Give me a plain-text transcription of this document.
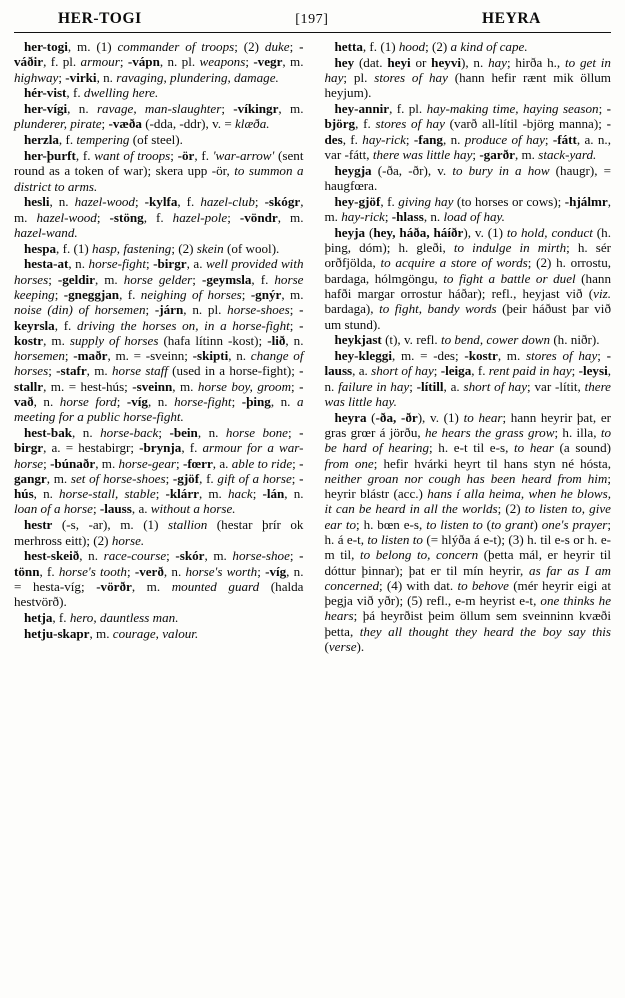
HER-TOGI	[197]	HEYRA

her-togi, m. (1) commander of troops; (2) duke; -váðir, f. pl. armour; -vápn, n. pl. weapons; -vegr, m. highway; -virki, n. ravaging, plundering, damage.

hér-vist, f. dwelling here.

her-vígi, n. ravage, man-slaughter; -víkingr, m. plunderer, pirate; -væða (-dda, -ddr), v. = klæða.

herzla, f. tempering (of steel).

her-þurft, f. want of troops; -ör, f. 'war-arrow' (sent round as a token of war); skera upp -ör, to summon a district to arms.

hesli, n. hazel-wood; -kylfa, f. hazel-club; -skógr, m. hazel-wood; -stöng, f. hazel-pole; -vöndr, m. hazel-wand.

hespa, f. (1) hasp, fastening; (2) skein (of wool).

hesta-at, n. horse-fight; -birgr, a. well provided with horses; -geldir, m. horse gelder; -geymsla, f. horse keeping; -gneggjan, f. neighing of horses; -gnýr, m. noise (din) of horsemen; -járn, n. pl. horse-shoes; -keyrsla, f. driving the horses on, in a horse-fight; -kostr, m. supply of horses (hafa lítinn -kost); -lið, n. horsemen; -maðr, m. = -sveinn; -skipti, n. change of horses; -stafr, m. horse staff (used in a horse-fight); -stallr, m. = hest-hús; -sveinn, m. horse boy, groom; -vað, n. horse ford; -víg, n. horse-fight; -þing, n. a meeting for a public horse-fight.

hest-bak, n. horse-back; -bein, n. horse bone; -birgr, a. = hestabirgr; -brynja, f. armour for a war-horse; -búnaðr, m. horse-gear; -fœrr, a. able to ride; -gangr, m. set of horse-shoes; -gjöf, f. gift of a horse; -hús, n. horse-stall, stable; -klárr, m. hack; -lán, n. loan of a horse; -lauss, a. without a horse.

hestr (-s, -ar), m. (1) stallion (hestar þrír ok merhross eitt); (2) horse.

hest-skeið, n. race-course; -skór, m. horse-shoe; -tönn, f. horse's tooth; -verð, n. horse's worth; -víg, n. = hesta-víg; -vörðr, m. mounted guard (halda hestvörð).

hetja, f. hero, dauntless man.

hetju-skapr, m. courage, valour.

hetta, f. (1) hood; (2) a kind of cape.

hey (dat. heyi or heyvi), n. hay; hirða h., to get in hay; pl. stores of hay (hann hefir rænt mik öllum heyjum).

hey-annir, f. pl. hay-making time, haying season; -björg, f. stores of hay (varð all-lítil -björg manna); -des, f. hay-rick; -fang, n. produce of hay; -fátt, a. n., var -fátt, there was little hay; -garðr, m. stack-yard.

heygja (-ða, -ðr), v. to bury in a how (haugr), = haugfœra.

hey-gjöf, f. giving hay (to horses or cows); -hjálmr, m. hay-rick; -hlass, n. load of hay.

heyja (hey, háða, háíðr), v. (1) to hold, conduct (h. þing, dóm); h. gleði, to indulge in mirth; h. sér orðfjölda, to acquire a store of words; (2) h. orrostu, bardaga, hólmgöngu, to fight a battle or duel (hann hafði margar orrostur háðar); refl., heyjast við (viz. bardaga), to fight, bandy words (þeir háðust þar við um stund).

heykjast (t), v. refl. to bend, cower down (h. niðr).

hey-kleggi, m. = -des; -kostr, m. stores of hay; -lauss, a. short of hay; -leiga, f. rent paid in hay; -leysi, n. failure in hay; -lítill, a. short of hay; var -lítit, there was little hay.

heyra (-ða, -ðr), v. (1) to hear; hann heyrir þat, er gras grœr á jörðu, he hears the grass grow; h. illa, to be hard of hearing; h. e-t til e-s, to hear (a sound) from one; hefir hvárki heyrt til hans styn né hósta, neither groan nor cough has been heard from him; heyrir blástr (acc.) hans í alla heima, when he blows, it can be heard in all the worlds; (2) to listen to, give ear to; h. bœn e-s, to listen to (to grant) one's prayer; h. á e-t, to listen to (= hlýða á e-t); (3) h. til e-s or h. e-m til, to belong to, concern (þetta mál, er heyrir til dóttur þinnar); þat er til mín heyrir, as far as I am concerned; (4) with dat. to behove (mér heyrir eigi at þegja við yðr); (5) refl., e-m heyrist e-t, one thinks he hears; þá heyrðist þeim öllum sem sveinninn kvæði þetta, they all thought they heard the boy say this (verse).
